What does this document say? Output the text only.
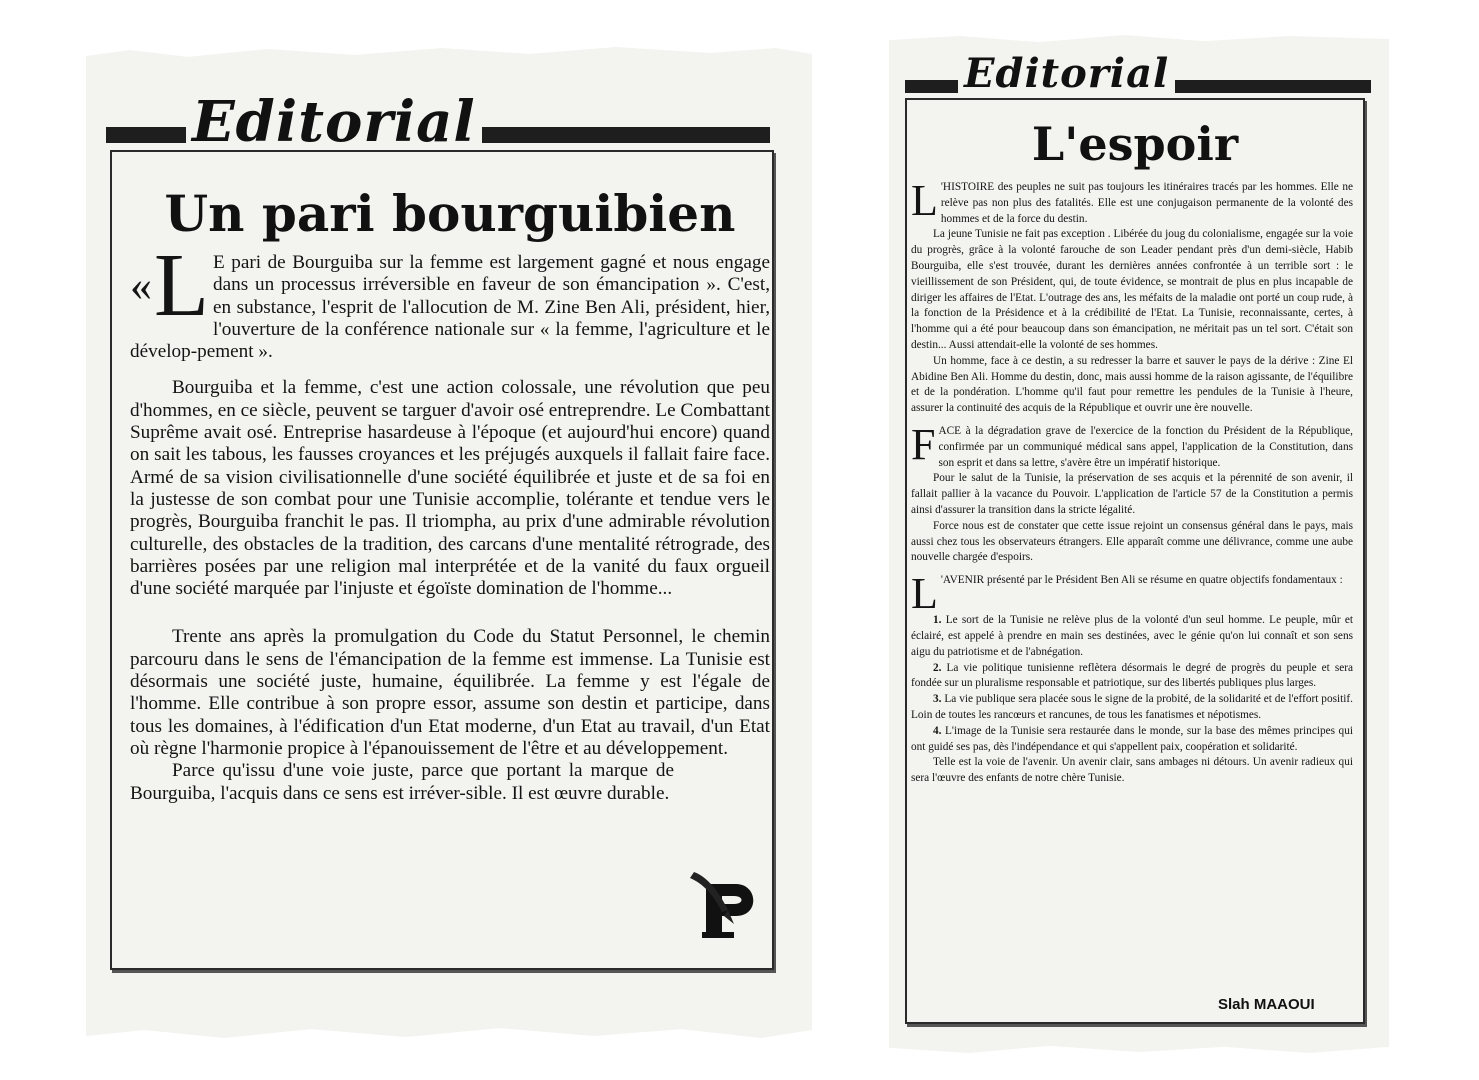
Editorial
Un pari bourguibien

« L E pari de Bourguiba sur la femme est largement gagné et nous engage dans un processus irréversible en faveur de son émancipation ». C'est, en substance, l'esprit de l'allocution de M. Zine Ben Ali, président, hier, l'ouverture de la conférence nationale sur « la femme, l'agriculture et le dévelop-pement ».

Bourguiba et la femme, c'est une action colossale, une révolution que peu d'hommes, en ce siècle, peuvent se targuer d'avoir osé entreprendre. Le Combattant Suprême avait osé. Entreprise hasardeuse à l'époque (et aujourd'hui encore) quand on sait les tabous, les fausses croyances et les préjugés auxquels il fallait faire face. Armé de sa vision civilisationnelle d'une société équilibrée et juste et de sa foi en la justesse de son combat pour une Tunisie accomplie, tolérante et tendue vers le progrès, Bourguiba franchit le pas. Il triompha, au prix d'une admirable révolution culturelle, des obstacles de la tradition, des carcans d'une mentalité rétrograde, des barrières posées par une religion mal interprétée et de la vanité du faux orgueil d'une société marquée par l'injuste et égoïste domination de l'homme...

Trente ans après la promulgation du Code du Statut Personnel, le chemin parcouru dans le sens de l'émancipation de la femme est immense. La Tunisie est désormais une société juste, humaine, équilibrée. La femme y est l'égale de l'homme. Elle contribue à son propre essor, assume son destin et participe, dans tous les domaines, à l'édification d'un Etat moderne, d'un Etat au travail, d'un Etat où règne l'harmonie propice à l'épanouissement de l'être et au développement.

Parce qu'issu d'une voie juste, parce que portant la marque de Bourguiba, l'acquis dans ce sens est irréver-sible. Il est œuvre durable.

Editorial
L'espoir

L 'HISTOIRE des peuples ne suit pas toujours les itinéraires tracés par les hommes. Elle ne relève pas non plus des fatalités. Elle est une conjugaison permanente de la volonté des hommes et de la force du destin.

La jeune Tunisie ne fait pas exception . Libérée du joug du colonialisme, engagée sur la voie du progrès, grâce à la volonté farouche de son Leader pendant près d'un demi-siècle, Habib Bourguiba, elle s'est trouvée, durant les dernières années confrontée à un terrible sort : le vieillissement de son Président, qui, de toute évidence, se montrait de plus en plus incapable de diriger les affaires de l'Etat. L'outrage des ans, les méfaits de la maladie ont porté un coup rude, à la fonction de la Présidence et à la crédibilité de l'Etat. La Tunisie, reconnaissante, certes, à l'homme qui a été pour beaucoup dans son émancipation, ne méritait pas un tel sort. C'était son destin... Aussi attendait-elle la volonté de ses hommes.

Un homme, face à ce destin, a su redresser la barre et sauver le pays de la dérive : Zine El Abidine Ben Ali. Homme du destin, donc, mais aussi homme de la raison agissante, de l'équilibre et de la pondération. L'homme qu'il faut pour remettre les pendules de la Tunisie à l'heure, assurer la continuité des acquis de la République et ouvrir une ère nouvelle.

FACE à la dégradation grave de l'exercice de la fonction du Président de la République, confirmée par un communiqué médical sans appel, l'application de la Constitution, dans son esprit et dans sa lettre, s'avère être un impératif historique.

Pour le salut de la Tunisie, la préservation de ses acquis et la pérennité de son avenir, il fallait pallier à la vacance du Pouvoir. L'application de l'article 57 de la Constitution a permis ainsi d'assurer la transition dans la stricte légalité.

Force nous est de constater que cette issue rejoint un consensus général dans le pays, mais aussi chez tous les observateurs étrangers. Elle apparaît comme une délivrance, comme une aube nouvelle chargée d'espoirs.

L 'AVENIR présenté par le Président Ben Ali se résume en quatre objectifs fondamentaux :

1. Le sort de la Tunisie ne relève plus de la volonté d'un seul homme. Le peuple, mûr et éclairé, est appelé à prendre en main ses destinées, avec le génie qu'on lui connaît et son sens aigu du patriotisme et de l'abnégation.

2. La vie politique tunisienne reflètera désormais le degré de progrès du peuple et sera fondée sur un pluralisme responsable et patriotique, sur des libertés publiques plus larges.

3. La vie publique sera placée sous le signe de la probité, de la solidarité et de l'effort positif. Loin de toutes les rancœurs et rancunes, de tous les fanatismes et népotismes.

4. L'image de la Tunisie sera restaurée dans le monde, sur la base des mêmes principes qui ont guidé ses pas, dès l'indépendance et qui s'appellent paix, coopération et solidarité.

Telle est la voie de l'avenir. Un avenir clair, sans ambages ni détours. Un avenir radieux qui sera l'œuvre des enfants de notre chère Tunisie.

Slah MAAOUI
